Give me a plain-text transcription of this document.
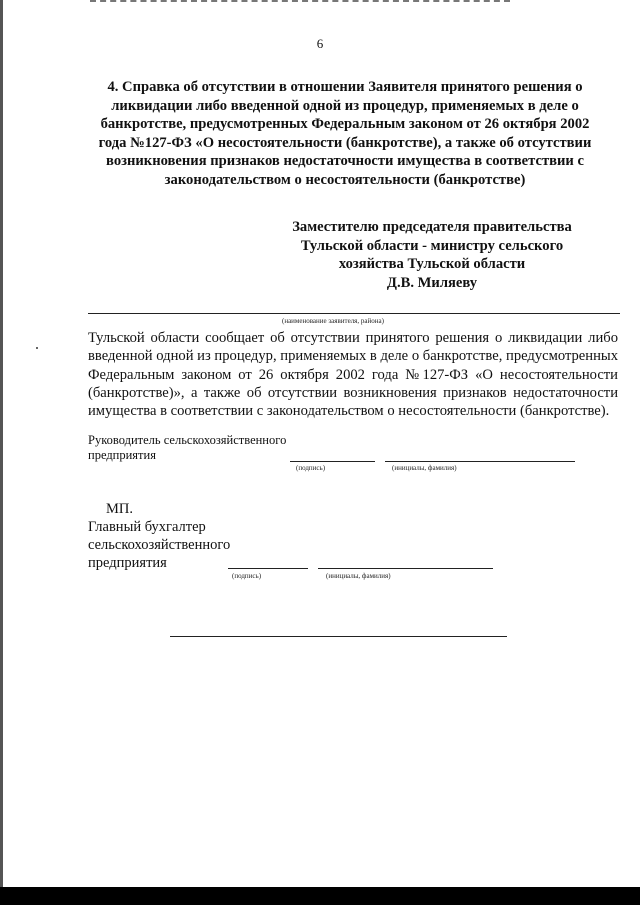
6

4. Справка об отсутствии в отношении Заявителя принятого решения о ликвидации либо введенной одной из процедур, применяемых в деле о банкротстве, предусмотренных Федеральным законом от 26 октября 2002 года №127-ФЗ «О несостоятельности (банкротстве), а также об отсутствии возникновения признаков недостаточности имущества в соответствии с законодательством о несостоятельности (банкротстве)

Заместителю председателя правительства
Тульской области - министру сельского
хозяйства Тульской области
Д.В. Миляеву
(наименование заявителя, района)

Тульской области сообщает об отсутствии принятого решения о ликвидации либо введенной одной из процедур, применяемых в деле о банкротстве, предусмотренных Федеральным законом от 26 октября 2002 года №127-ФЗ «О несостоятельности (банкротстве)», а также об отсутствии возникновения признаков недостаточности имущества в соответствии с законодательством о несостоятельности (банкротстве).

Руководитель сельскохозяйственного
предприятия
(подпись)	(инициалы, фамилия)
МП.
Главный бухгалтер
сельскохозяйственного
предприятия
(подпись)	(инициалы, фамилия)
